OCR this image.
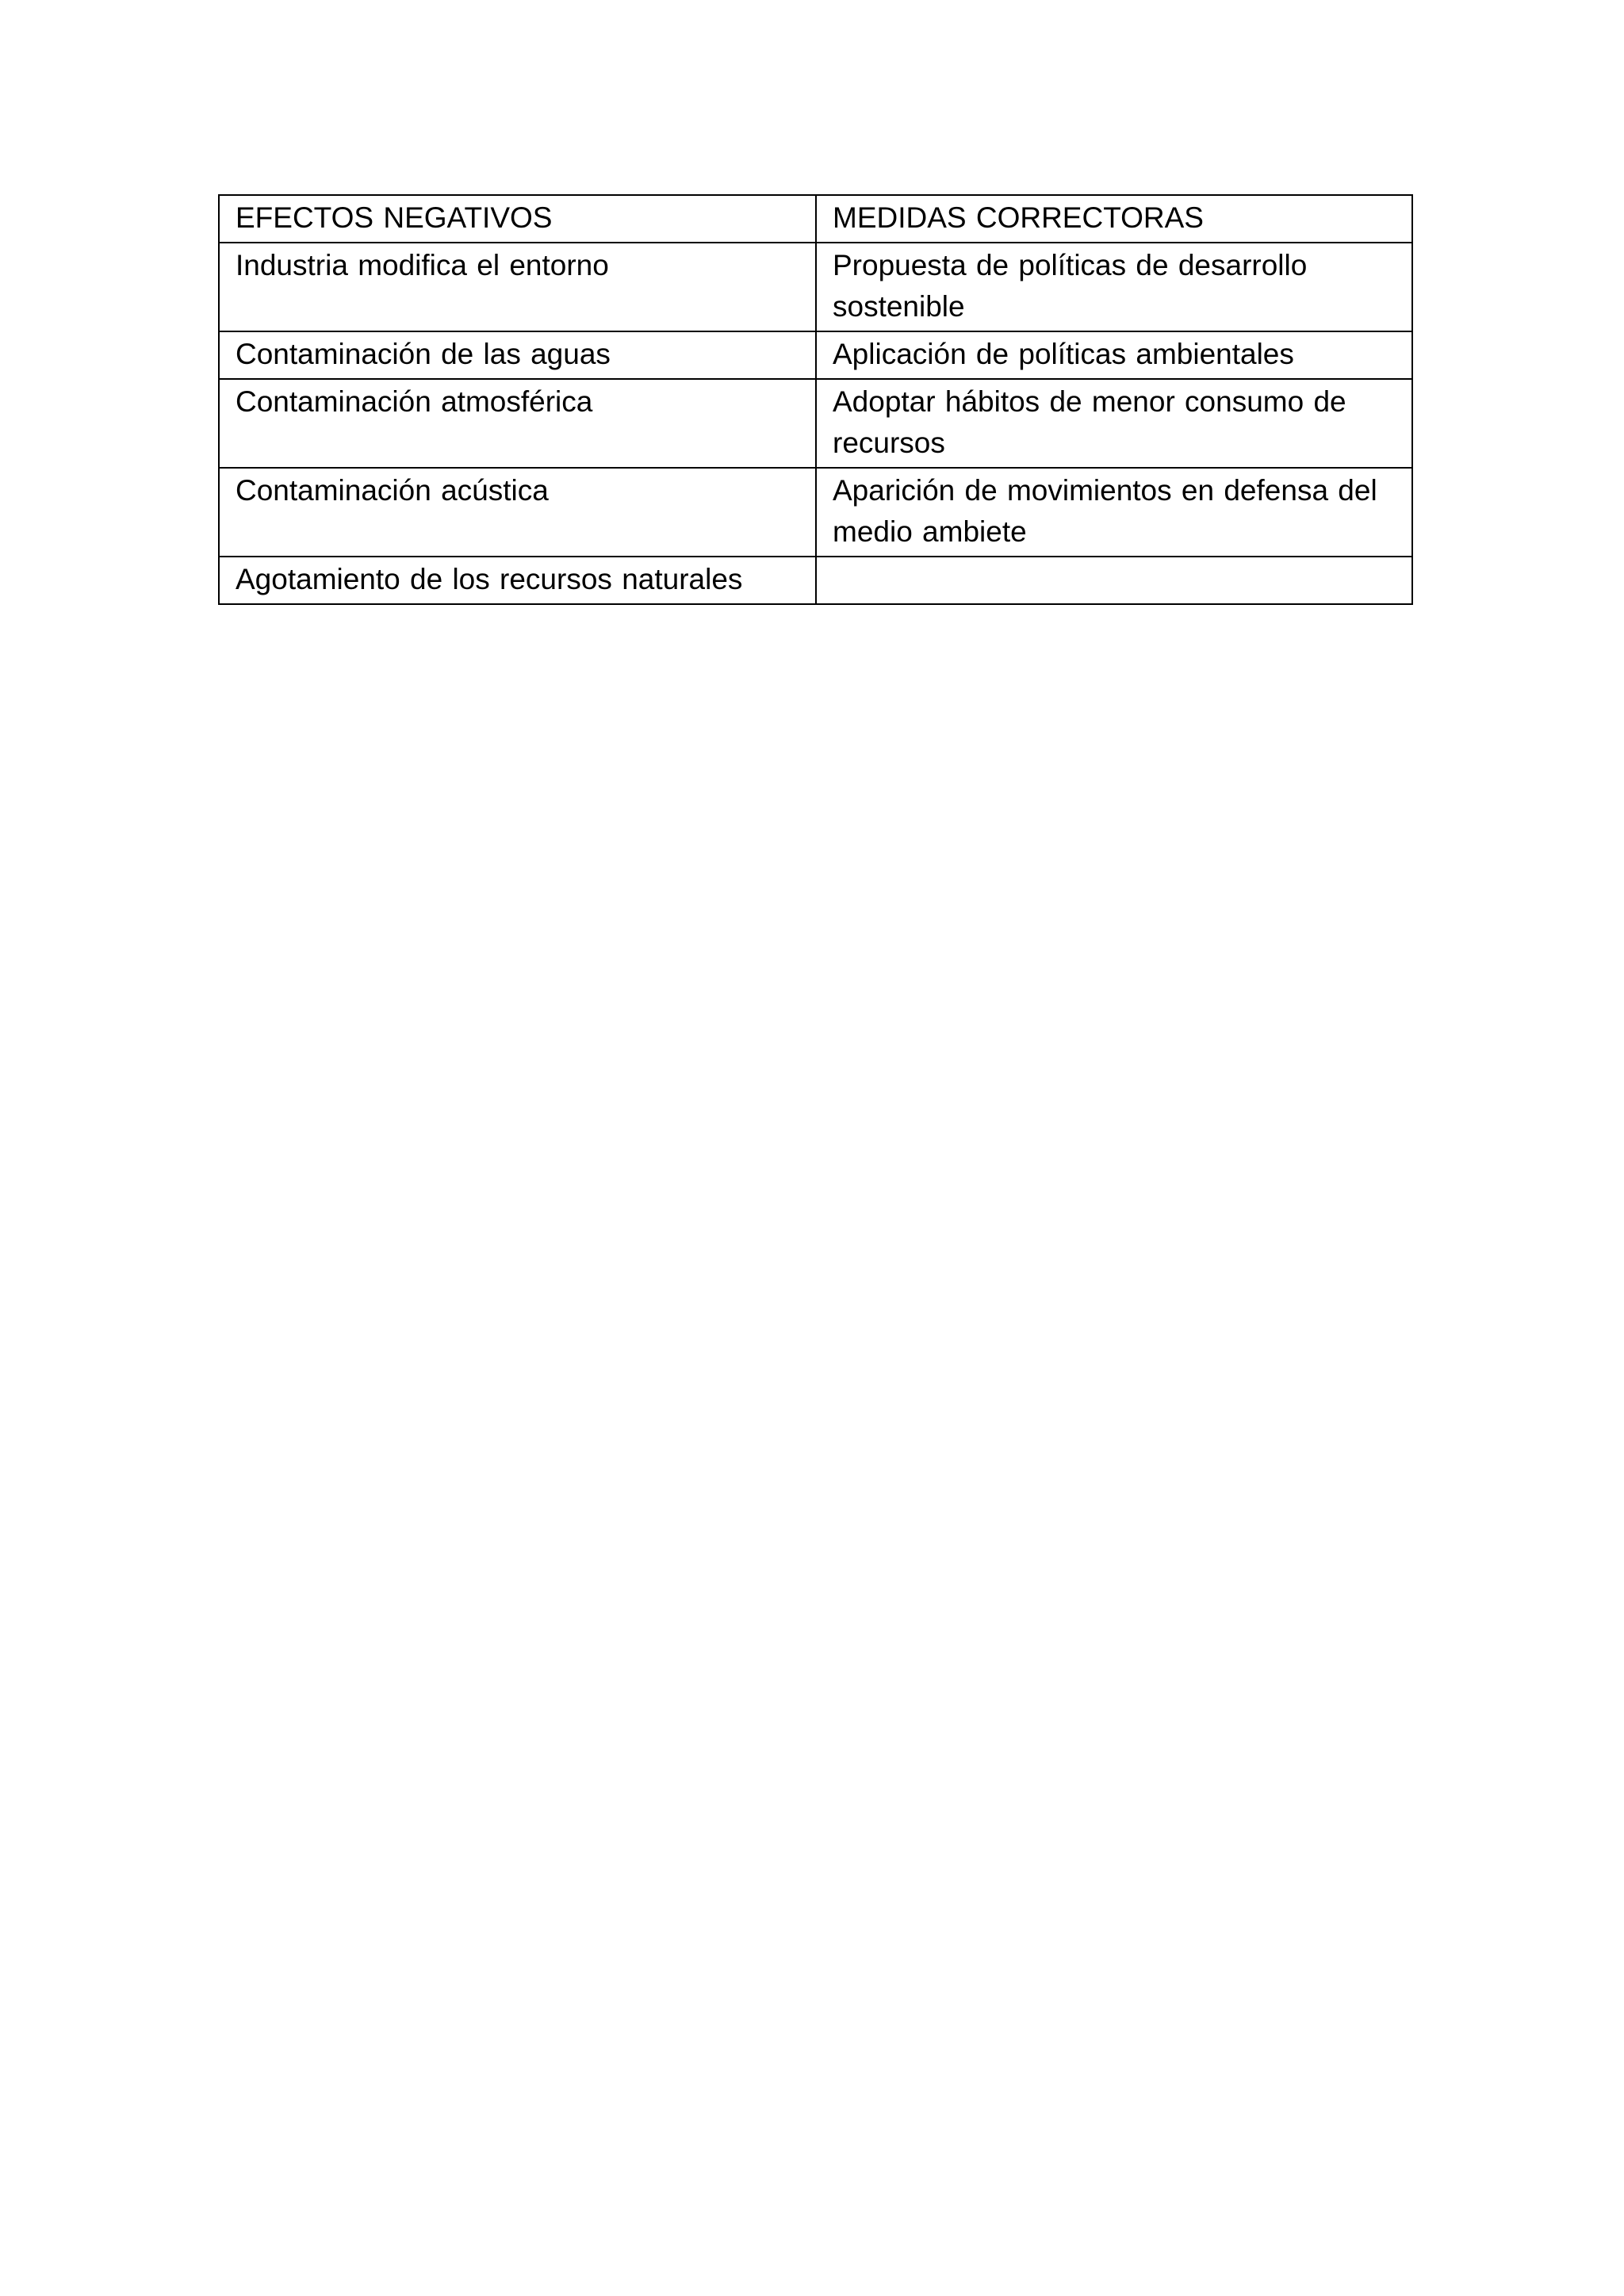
EFECTOS NEGATIVOS	MEDIDAS CORRECTORAS
Industria modifica el entorno	Propuesta de políticas de desarrollo sostenible
Contaminación de las aguas	Aplicación de políticas ambientales
Contaminación atmosférica	Adoptar hábitos de menor consumo de recursos
Contaminación acústica	Aparición de movimientos en defensa del medio ambiete
Agotamiento de los recursos naturales	
